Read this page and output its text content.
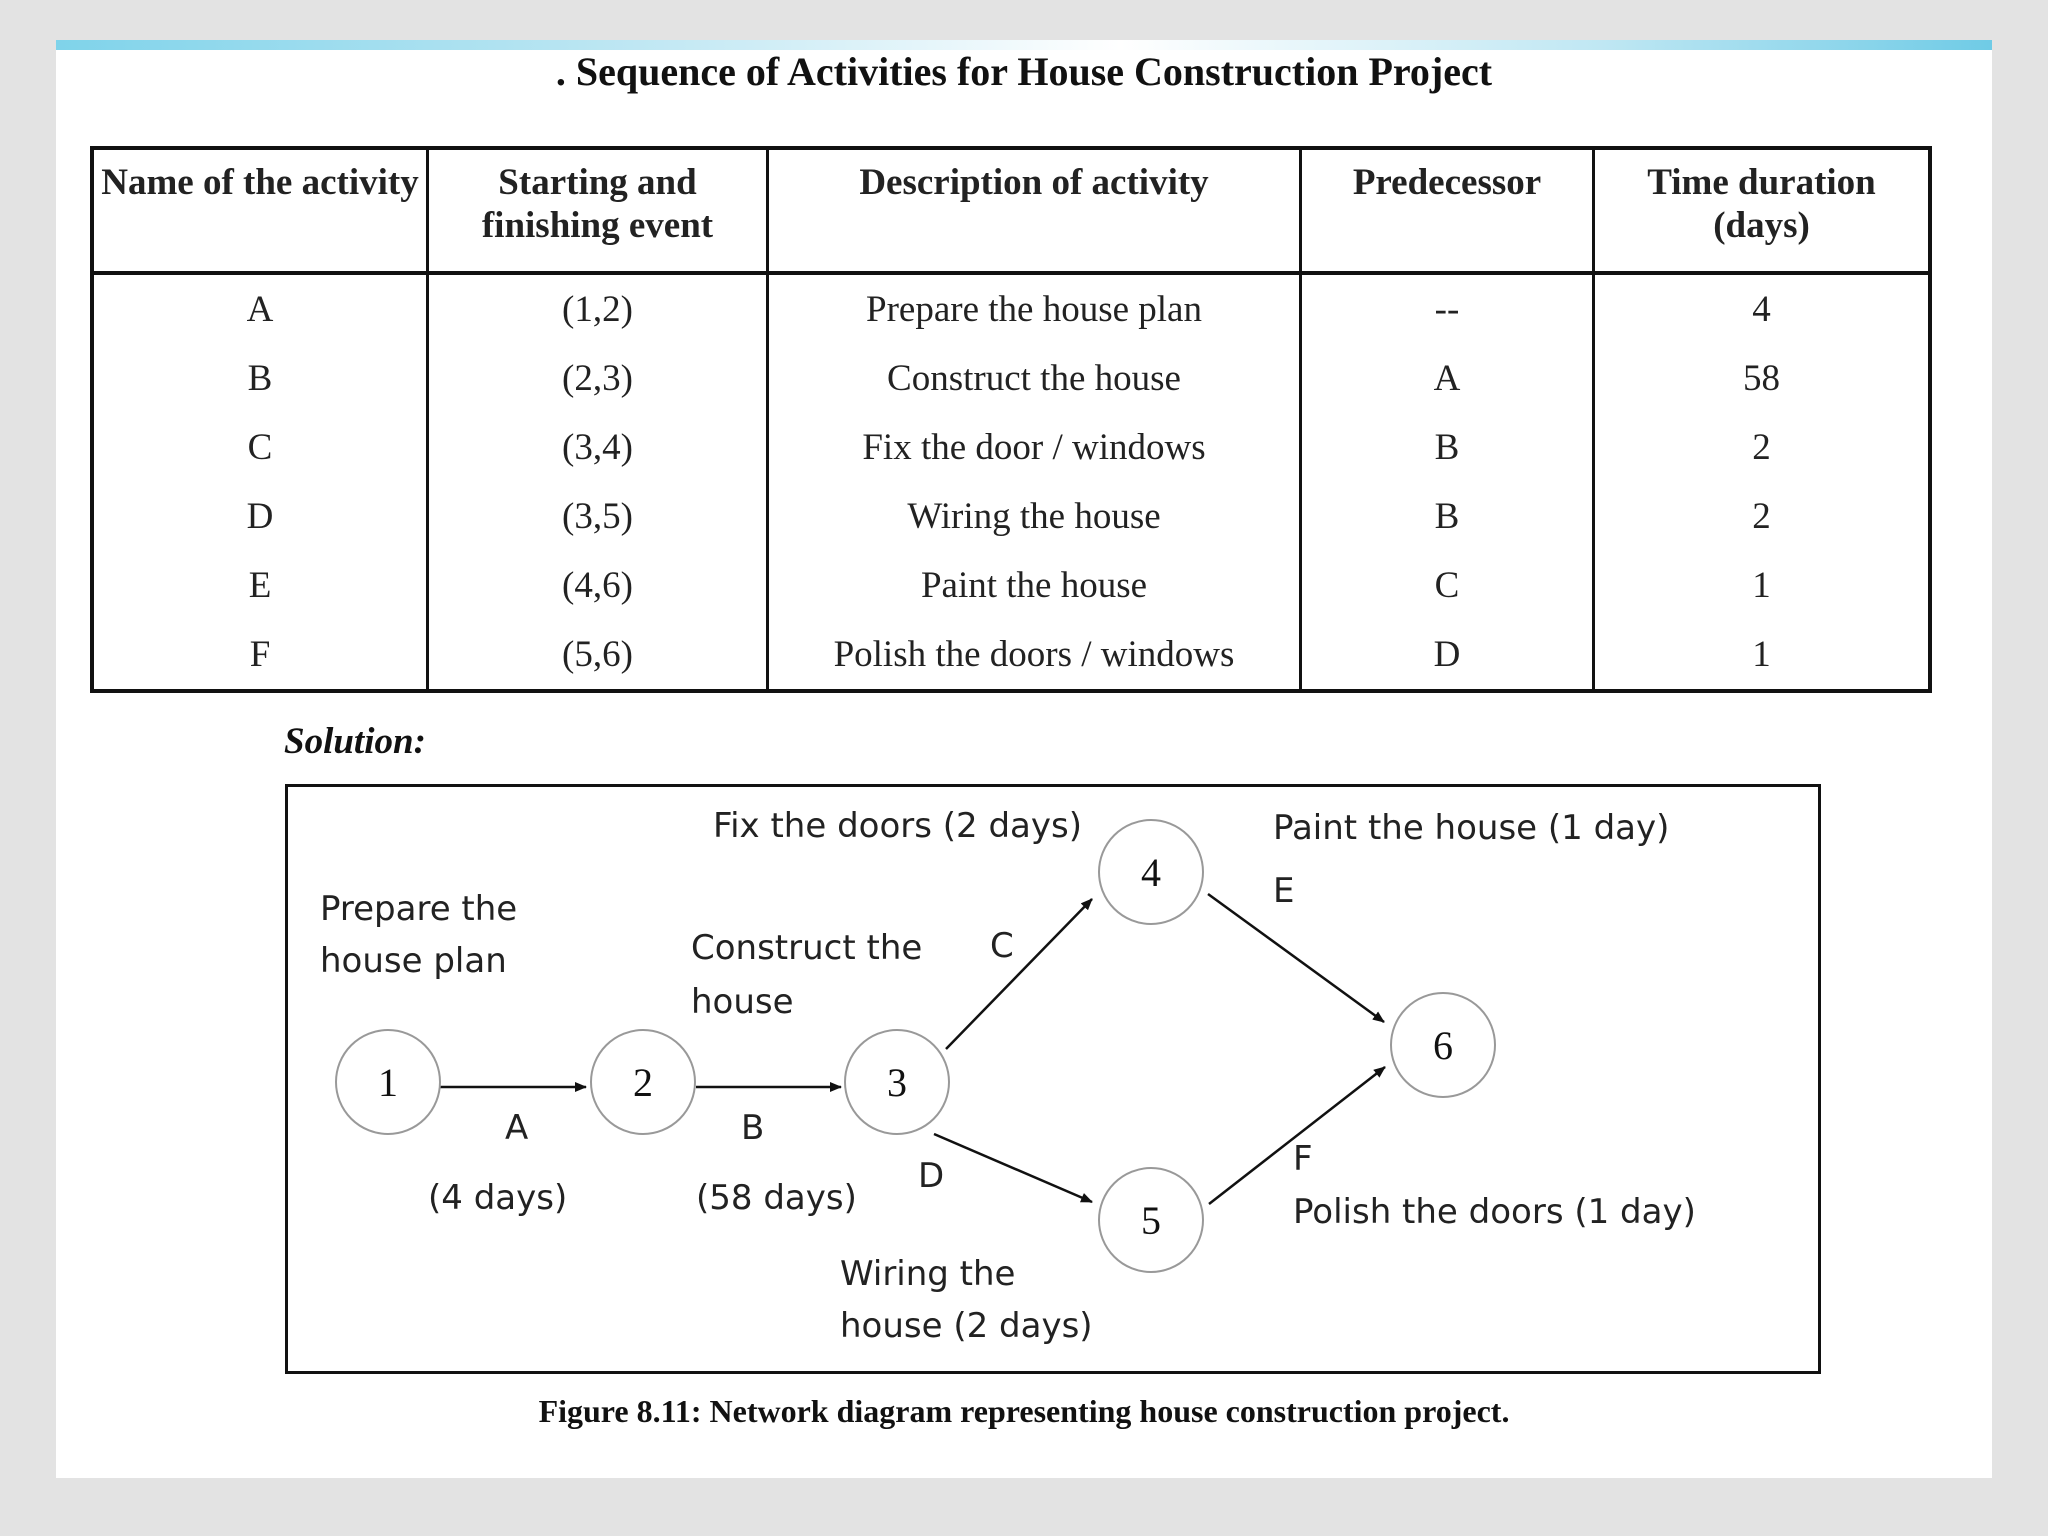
. Sequence of Activities for House Construction Project
Name of the activity	Starting and finishing event	Description of activity	Predecessor	Time duration (days)
A	(1,2)	Prepare the house plan	--	4
B	(2,3)	Construct the house	A	58
C	(3,4)	Fix the door / windows	B	2
D	(3,5)	Wiring the house	B	2
E	(4,6)	Paint the house	C	1
F	(5,6)	Polish the doors / windows	D	1
Solution:
1	2	3
4
5
6
A	B
C
D
E
F
Prepare the
house plan
(4 days)
Construct the
house
(58 days)
Fix the doors (2 days)
Wiring the
house (2 days)
Paint the house (1 day)
Polish the doors (1 day)
Figure 8.11: Network diagram representing house construction project.
